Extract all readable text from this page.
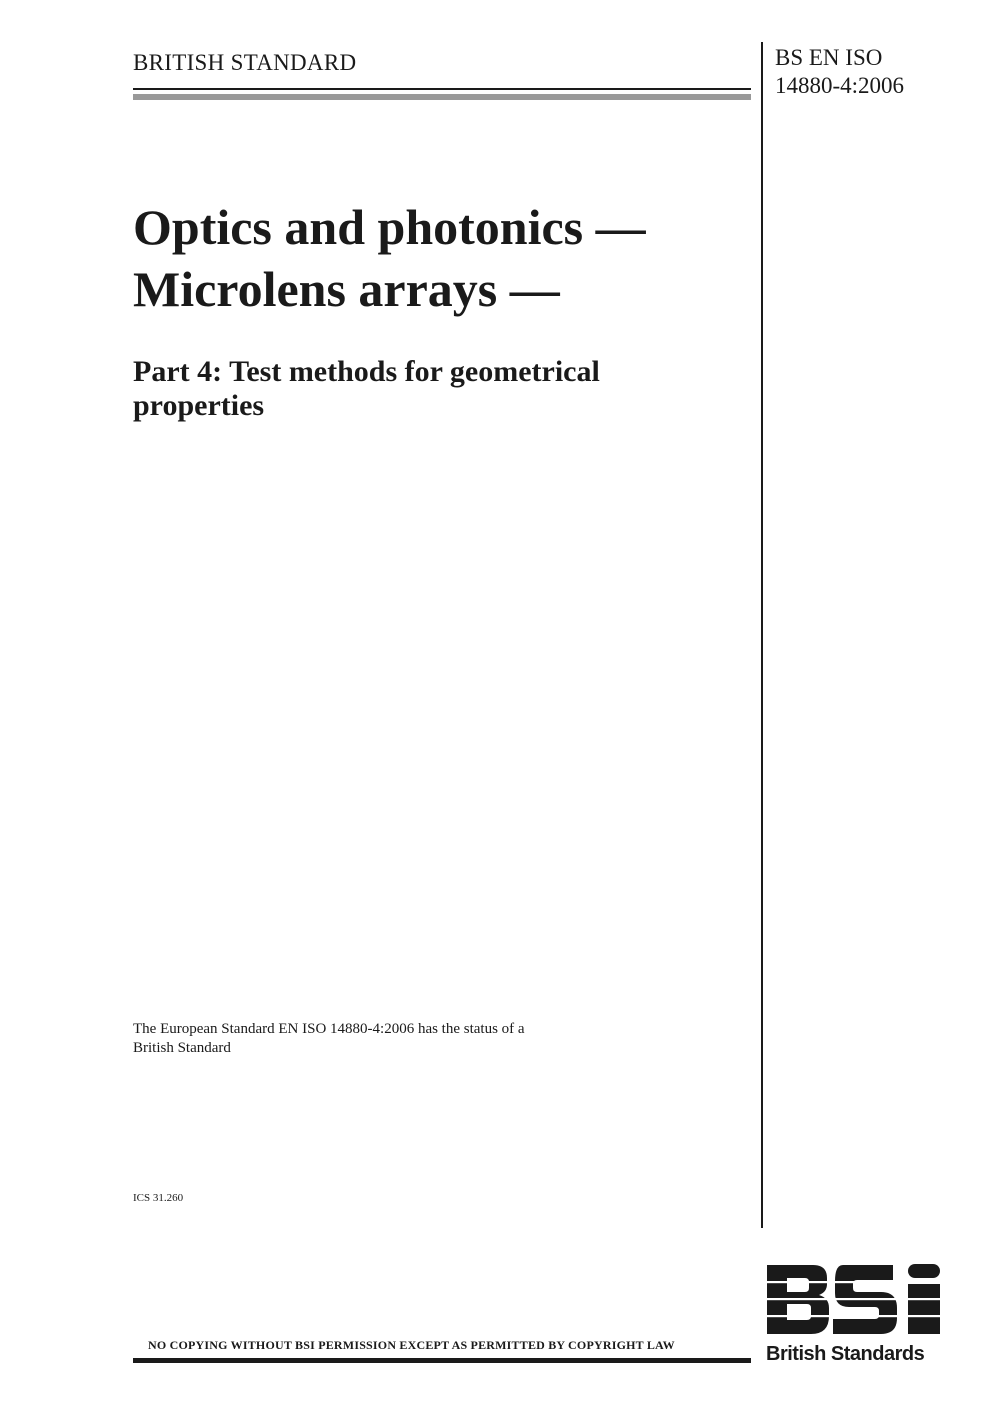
BRITISH STANDARD	BS EN ISO
14880-4:2006
Optics and photonics —
Microlens arrays —
Part 4: Test methods for geometrical
properties
The European Standard EN ISO 14880-4:2006 has the status of a
British Standard
ICS 31.260
NO COPYING WITHOUT BSI PERMISSION EXCEPT AS PERMITTED BY COPYRIGHT LAW	British Standards
